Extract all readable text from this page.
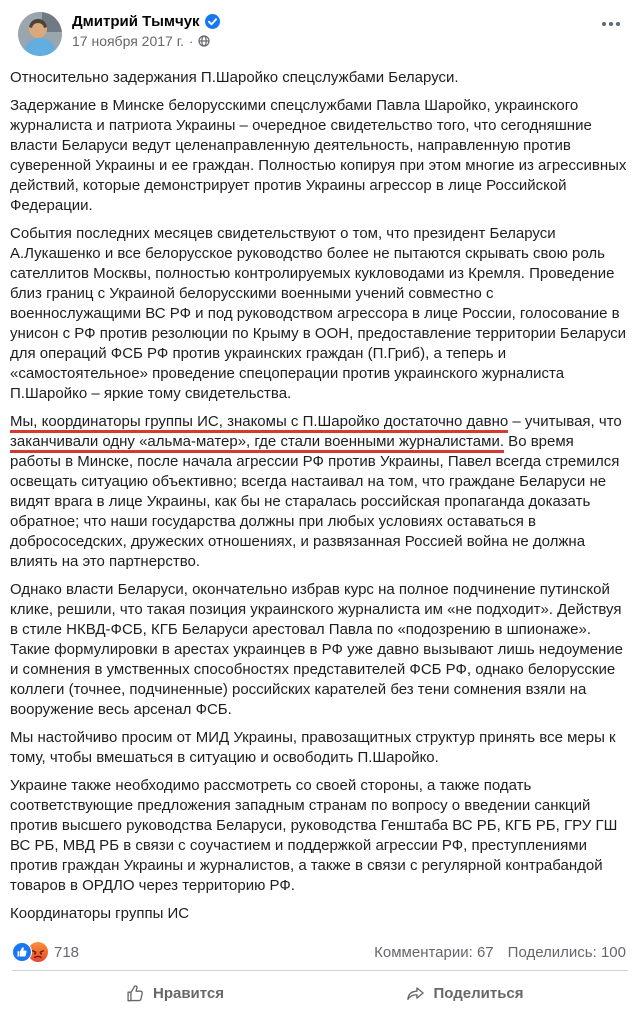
Дмитрий Тымчук
17 ноября 2017 г. ·

Относительно задержания П.Шаройко спецслужбами Беларуси.

Задержание в Минске белорусскими спецслужбами Павла Шаройко, украинского журналиста и патриота Украины – очередное свидетельство того, что сегодняшние власти Беларуси ведут целенаправленную деятельность, направленную против суверенной Украины и ее граждан. Полностью копируя при этом многие из агрессивных действий, которые демонстрирует против Украины агрессор в лице Российской Федерации.

События последних месяцев свидетельствуют о том, что президент Беларуси А.Лукашенко и все белорусское руководство более не пытаются скрывать свою роль сателлитов Москвы, полностью контролируемых кукловодами из Кремля. Проведение близ границ с Украиной белорусскими военными учений совместно с военнослужащими ВС РФ и под руководством агрессора в лице России, голосование в унисон с РФ против резолюции по Крыму в ООН, предоставление территории Беларуси для операций ФСБ РФ против украинских граждан (П.Гриб), а теперь и «самостоятельное» проведение спецоперации против украинского журналиста П.Шаройко – яркие тому свидетельства.

Мы, координаторы группы ИС, знакомы с П.Шаройко достаточно давно – учитывая, что заканчивали одну «альма-матер», где стали военными журналистами. Во время работы в Минске, после начала агрессии РФ против Украины, Павел всегда стремился освещать ситуацию объективно; всегда настаивал на том, что граждане Беларуси не видят врага в лице Украины, как бы не старалась российская пропаганда доказать обратное; что наши государства должны при любых условиях оставаться в добрососедских, дружеских отношениях, и развязанная Россией война не должна влиять на это партнерство.

Однако власти Беларуси, окончательно избрав курс на полное подчинение путинской клике, решили, что такая позиция украинского журналиста им «не подходит». Действуя в стиле НКВД-ФСБ, КГБ Беларуси арестовал Павла по «подозрению в шпионаже». Такие формулировки в арестах украинцев в РФ уже давно вызывают лишь недоумение и сомнения в умственных способностях представителей ФСБ РФ, однако белорусские коллеги (точнее, подчиненные) российских карателей без тени сомнения взяли на вооружение весь арсенал ФСБ.

Мы настойчиво просим от МИД Украины, правозащитных структур принять все меры к тому, чтобы вмешаться в ситуацию и освободить П.Шаройко.

Украине также необходимо рассмотреть со своей стороны, а также подать соответствующие предложения западным странам по вопросу о введении санкций против высшего руководства Беларуси, руководства Генштаба ВС РБ, КГБ РБ, ГРУ ГШ ВС РБ, МВД РБ в связи с соучастием и поддержкой агрессии РФ, преступлениями против граждан Украины и журналистов, а также в связи с регулярной контрабандой товаров в ОРДЛО через территорию РФ.

Координаторы группы ИС

718	Комментарии: 67 Поделились: 100
Нравится	Поделиться
